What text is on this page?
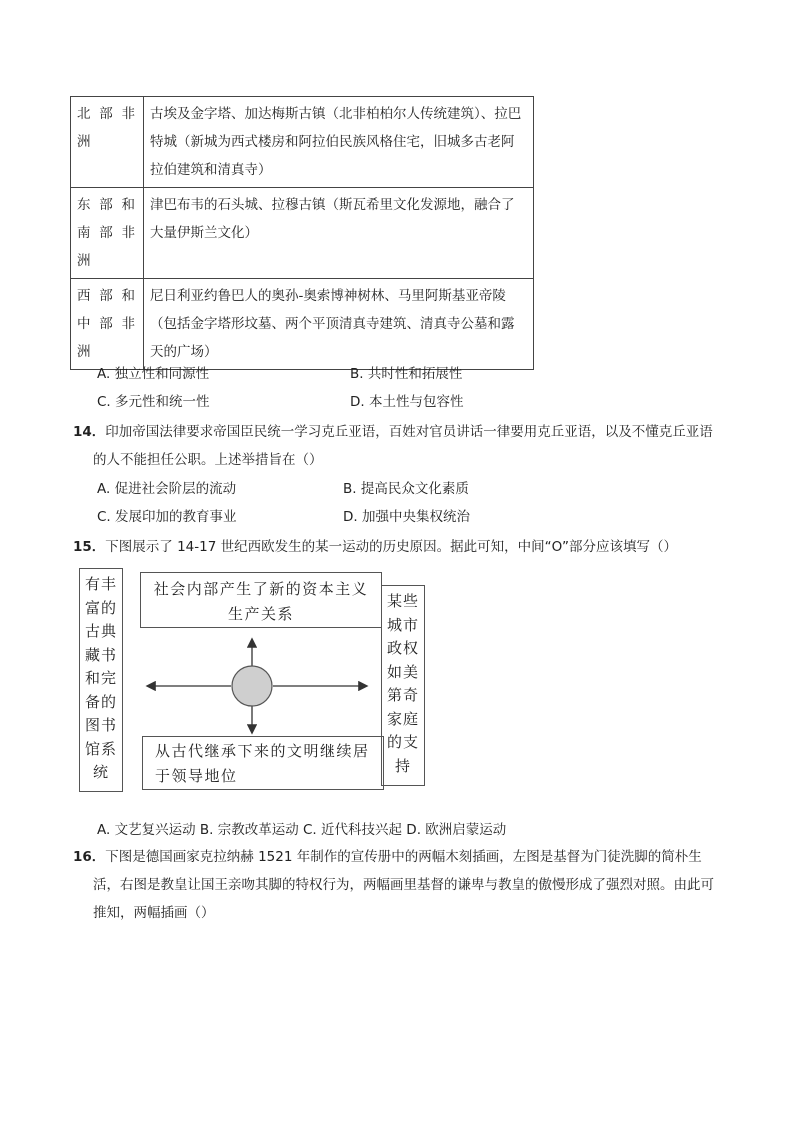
北部非洲	古埃及金字塔、加达梅斯古镇（北非柏柏尔人传统建筑）、拉巴特城（新城为西式楼房和阿拉伯民族风格住宅，旧城多古老阿拉伯建筑和清真寺）
东部和南部非洲	津巴布韦的石头城、拉穆古镇（斯瓦希里文化发源地，融合了大量伊斯兰文化）
西部和中部非洲	尼日利亚约鲁巴人的奥孙-奥索博神树林、马里阿斯基亚帝陵（包括金字塔形坟墓、两个平顶清真寺建筑、清真寺公墓和露天的广场）
A. 独立性和同源性	B. 共时性和拓展性
C. 多元性和统一性	D. 本土性与包容性
14．印加帝国法律要求帝国臣民统一学习克丘亚语，百姓对官员讲话一律要用克丘亚语，以及不懂克丘亚语的人不能担任公职。上述举措旨在（）
A. 促进社会阶层的流动	B. 提高民众文化素质
C. 发展印加的教育事业	D. 加强中央集权统治
15．下图展示了 14-17 世纪西欧发生的某一运动的历史原因。据此可知，中间“O”部分应该填写（）
有丰富的古典藏书和完备的图书馆系统
社会内部产生了新的资本主义生产关系
从古代继承下来的文明继续居于领导地位
某些城市政权如美第奇家庭的支持
A. 文艺复兴运动 B. 宗教改革运动 C. 近代科技兴起 D. 欧洲启蒙运动
16．下图是德国画家克拉纳赫 1521 年制作的宣传册中的两幅木刻插画，左图是基督为门徒洗脚的简朴生活，右图是教皇让国王亲吻其脚的特权行为，两幅画里基督的谦卑与教皇的傲慢形成了强烈对照。由此可推知，两幅插画（）
